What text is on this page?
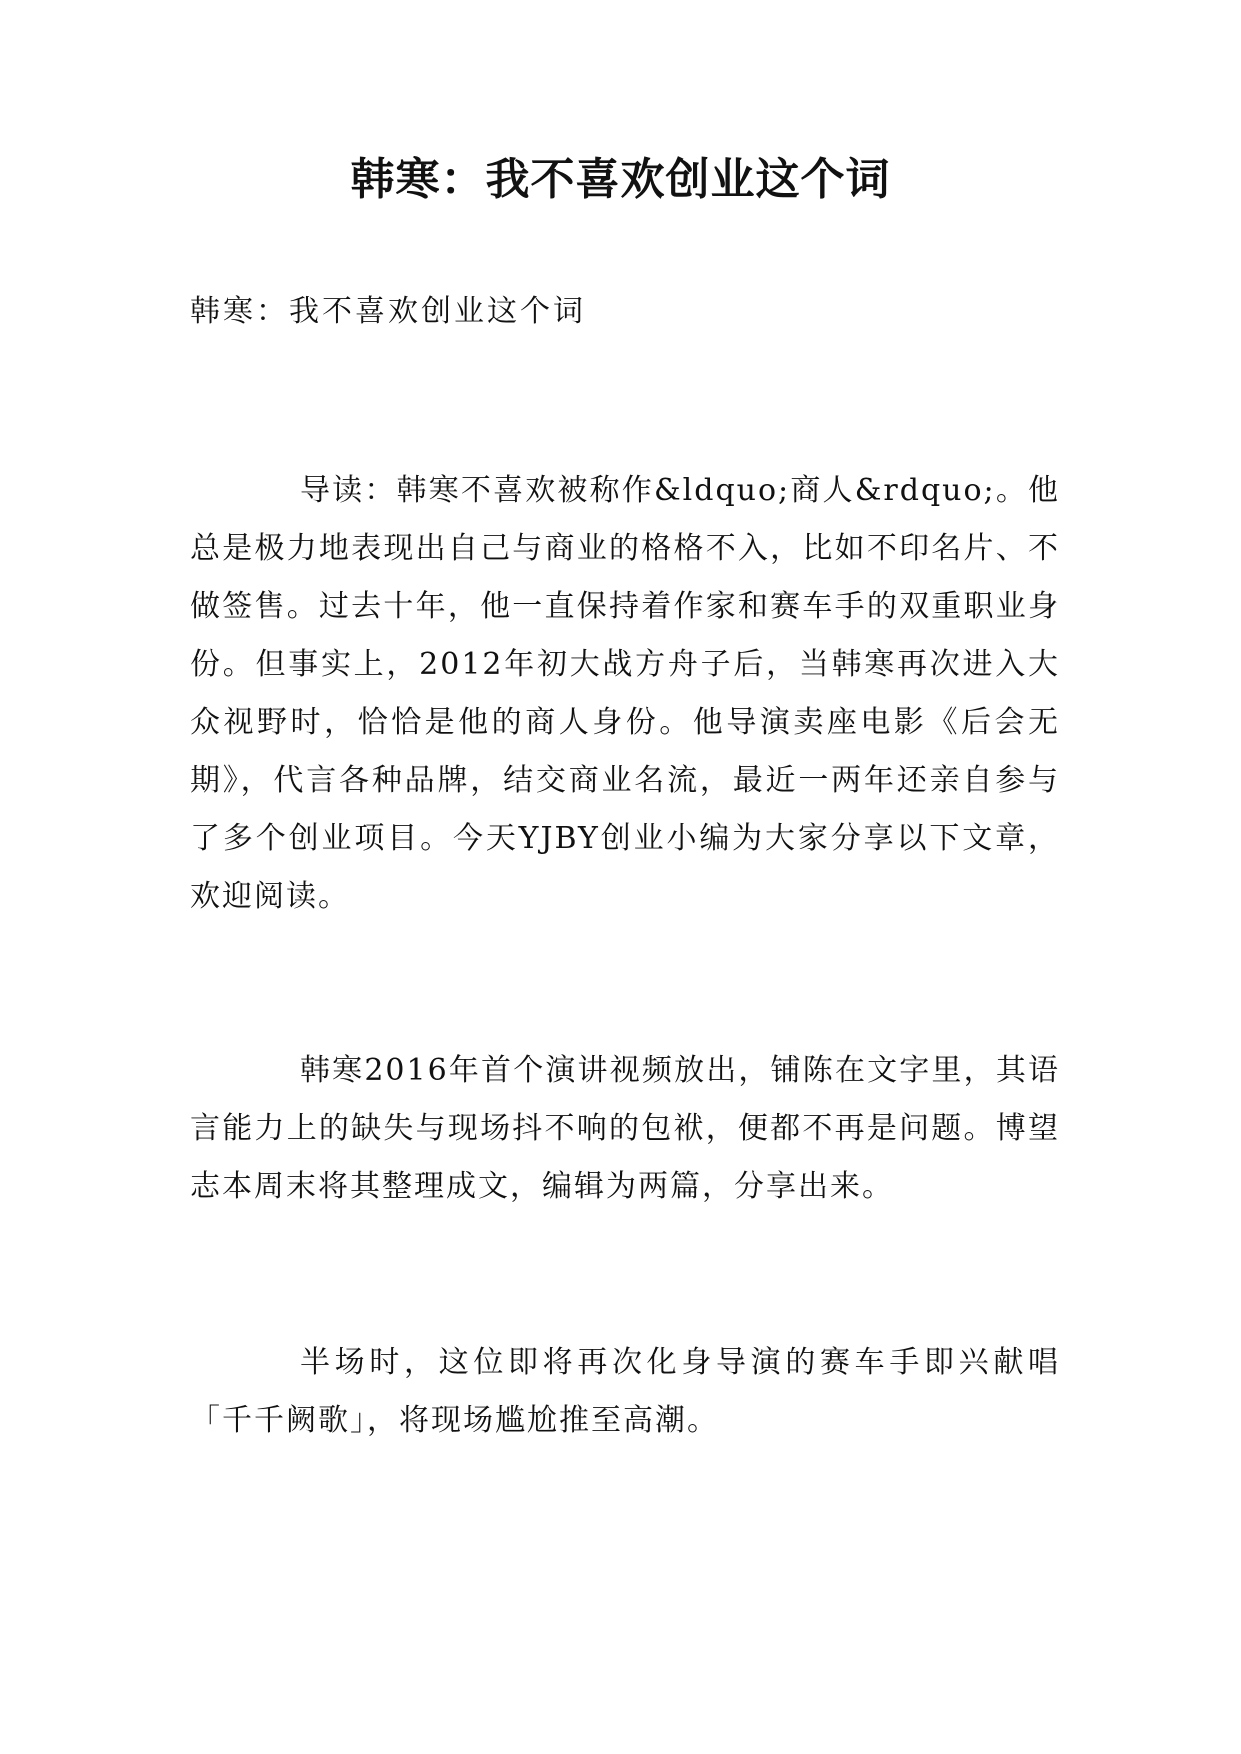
韩寒：我不喜欢创业这个词

韩寒：我不喜欢创业这个词

导读：韩寒不喜欢被称作&ldquo;商人&rdquo;。他总是极力地表现出自己与商业的格格不入，比如不印名片、不做签售。过去十年，他一直保持着作家和赛车手的双重职业身份。但事实上，2012年初大战方舟子后，当韩寒再次进入大众视野时，恰恰是他的商人身份。他导演卖座电影《后会无期》，代言各种品牌，结交商业名流，最近一两年还亲自参与了多个创业项目。今天YJBY创业小编为大家分享以下文章，欢迎阅读。

韩寒2016年首个演讲视频放出，铺陈在文字里，其语言能力上的缺失与现场抖不响的包袱，便都不再是问题。博望志本周末将其整理成文，编辑为两篇，分享出来。

半场时，这位即将再次化身导演的赛车手即兴献唱「千千阙歌」，将现场尴尬推至高潮。
